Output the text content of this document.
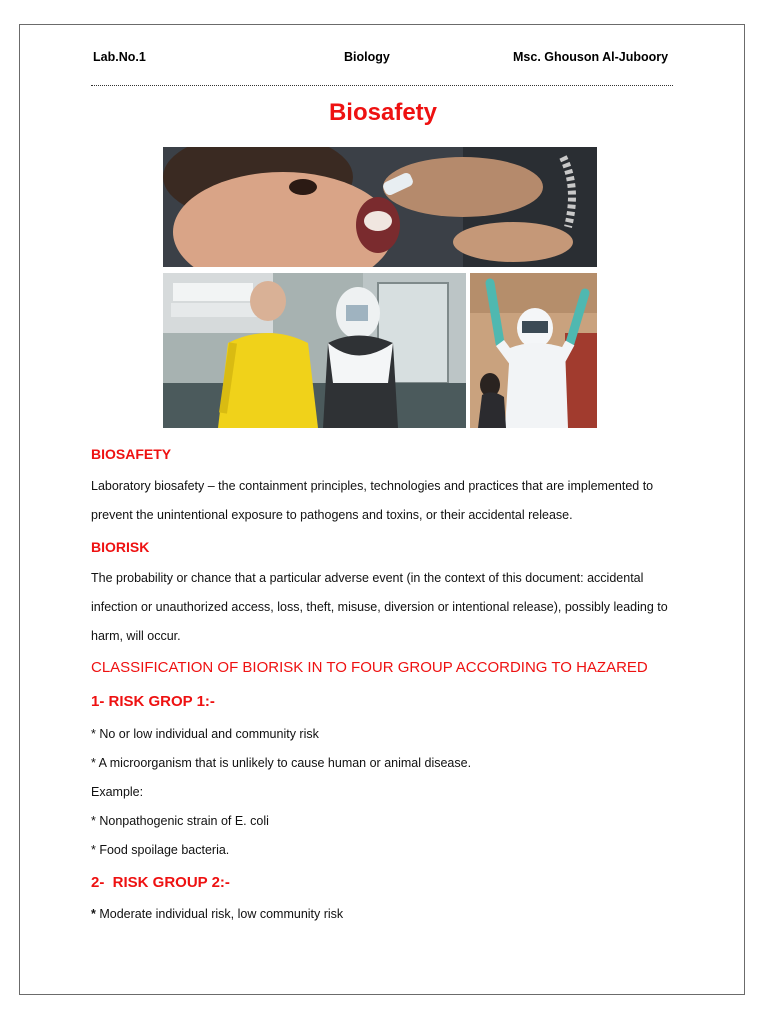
Lab.No.1	Biology	Msc. Ghouson Al-Juboory
Biosafety
BIOSAFETY
Laboratory biosafety – the containment principles, technologies and practices that are implemented to
prevent the unintentional exposure to pathogens and toxins, or their accidental release.
BIORISK
The probability or chance that a particular adverse event (in the context of this document: accidental
infection or unauthorized access, loss, theft, misuse, diversion or intentional release), possibly leading to
harm, will occur.
CLASSIFICATION OF BIORISK IN TO FOUR GROUP ACCORDING TO HAZARED
1- RISK GROP 1:-
* No or low individual and community risk
* A microorganism that is unlikely to cause human or animal disease.
Example:
* Nonpathogenic strain of E. coli
* Food spoilage bacteria.
2-  RISK GROUP 2:-
* Moderate individual risk, low community risk
